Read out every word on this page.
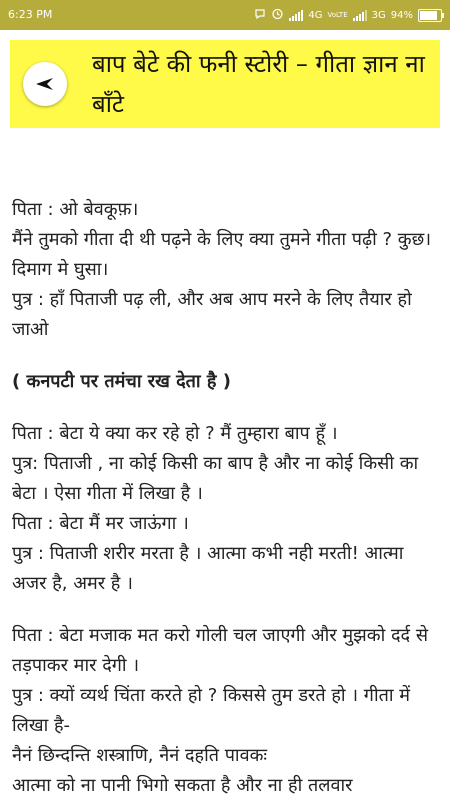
6:23 PM	4G VoLTE 3G 94%
बाप बेटे की फनी स्टोरी – गीता ज्ञान ना बाँटे

पिता : ओ बेवकूफ़।

मैंने तुमको गीता दी थी पढ़ने के लिए क्या तुमने गीता पढ़ी ? कुछ। दिमाग मे घुसा।

पुत्र : हाँ पिताजी पढ़ ली, और अब आप मरने के लिए तैयार हो जाओ

( कनपटी पर तमंचा रख देता है )

पिता : बेटा ये क्या कर रहे हो ? मैं तुम्हारा बाप हूँ ।

पुत्र: पिताजी , ना कोई किसी का बाप है और ना कोई किसी का बेटा । ऐसा गीता में लिखा है ।

पिता : बेटा मैं मर जाऊंगा ।

पुत्र : पिताजी शरीर मरता है । आत्मा कभी नही मरती! आत्मा अजर है, अमर है ।

पिता : बेटा मजाक मत करो गोली चल जाएगी और मुझको दर्द से तड़पाकर मार देगी ।

पुत्र : क्यों व्यर्थ चिंता करते हो ? किससे तुम डरते हो । गीता में लिखा है-

नैनं छिन्दन्ति शस्त्राणि, नैनं दहति पावकः

आत्मा को ना पानी भिगो सकता है और ना ही तलवार
